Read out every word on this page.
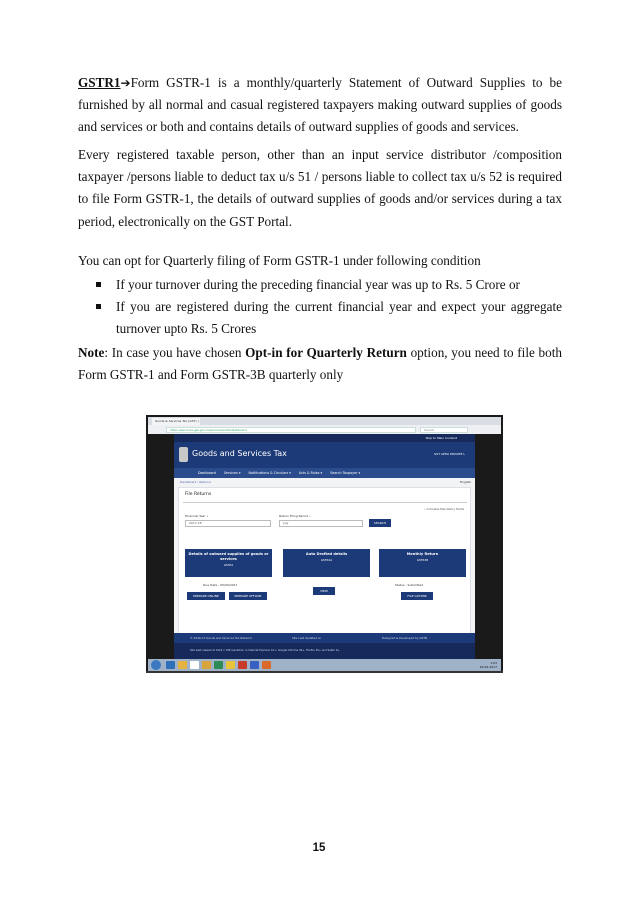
GSTR1➔Form GSTR-1 is a monthly/quarterly Statement of Outward Supplies to be furnished by all normal and casual registered taxpayers making outward supplies of goods and services or both and contains details of outward supplies of goods and services.
Every registered taxable person, other than an input service distributor /composition taxpayer /persons liable to deduct tax u/s 51 / persons liable to collect tax u/s 52 is required to file Form GSTR-1, the details of outward supplies of goods and/or services during a tax period, electronically on the GST Portal.
You can opt for Quarterly filing of Form GSTR-1 under following condition
If your turnover during the preceding financial year was up to Rs. 5 Crore or
If you are registered during the current financial year and expect your aggregate turnover upto Rs. 5 Crores
Note: In case you have chosen Opt-in for Quarterly Return option, you need to file both Form GSTR-1 and Form GSTR-3B quarterly only
Goods & Services Tax (GST) |
https://services.gst.gov.in/services/auth/dashboard	Search
Skip to Main Content
Goods and Services Tax	GST APPLI PRIVATE L
Dashboard Services ▾ Notifications & Circulars ▾ Acts & Rules ▾ Search Taxpayer ▾
Dashboard › Returns	English
File Returns
• Indicates Mandatory Fields
Financial Year •
2017-18
Return Filing Period •
July	SEARCH
Details of outward supplies of goods or services
GSTR1
Auto Drafted details
GSTR2A
Monthly Return
GSTR3B
Due Date - 05/09/2017
PREPARE ONLINE	PREPARE OFFLINE
VIEW
Status - Submitted
FILE GSTR3B
© 2016-17 Goods and Services Tax Network	Site Last Updated on	Designed & Developed by GSTN
Site best viewed at 1024 x 768 resolution in Internet Explorer 10+, Google Chrome 49+, Firefox 45+ and Safari 6+
1:03
16-09-2017
15
